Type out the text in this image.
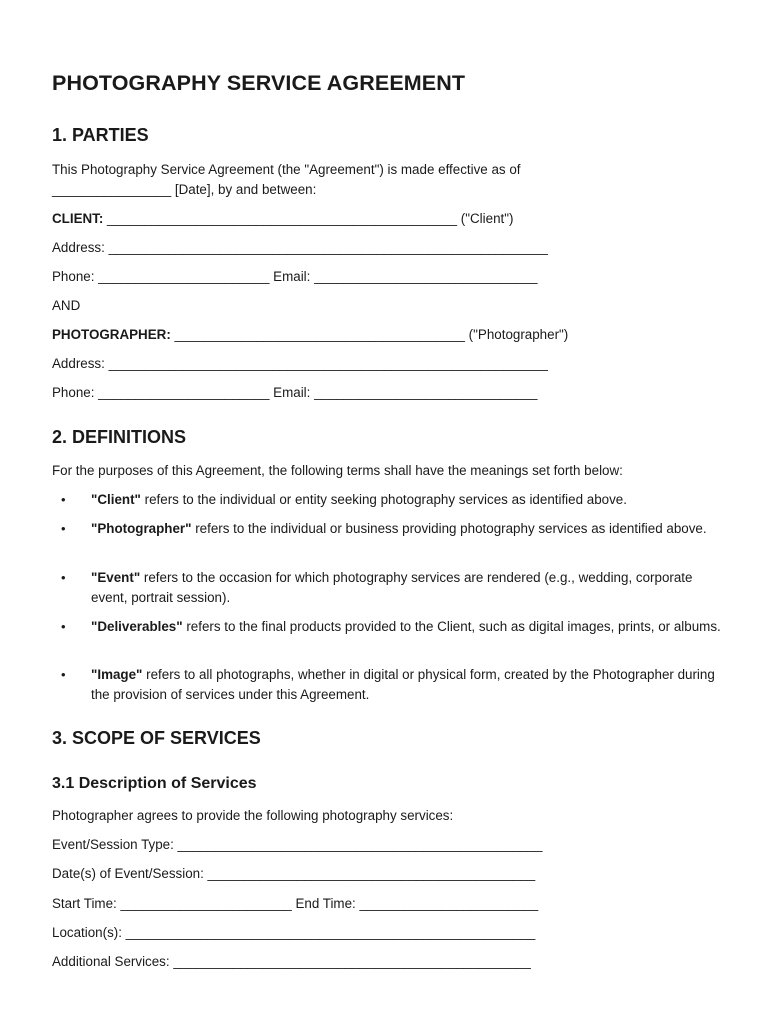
PHOTOGRAPHY SERVICE AGREEMENT
1. PARTIES
This Photography Service Agreement (the "Agreement") is made effective as of
________________ [Date], by and between:
CLIENT: _______________________________________________ ("Client")
Address: ___________________________________________________________
Phone: _______________________ Email: ______________________________
AND
PHOTOGRAPHER: _______________________________________ ("Photographer")
Address: ___________________________________________________________
Phone: _______________________ Email: ______________________________
2. DEFINITIONS
For the purposes of this Agreement, the following terms shall have the meanings set forth below:
• "Client" refers to the individual or entity seeking photography services as identified above.
• "Photographer" refers to the individual or business providing photography services as identified above.
• "Event" refers to the occasion for which photography services are rendered (e.g., wedding, corporate event, portrait session).
• "Deliverables" refers to the final products provided to the Client, such as digital images, prints, or albums.
• "Image" refers to all photographs, whether in digital or physical form, created by the Photographer during the provision of services under this Agreement.
3. SCOPE OF SERVICES
3.1 Description of Services
Photographer agrees to provide the following photography services:
Event/Session Type: _________________________________________________
Date(s) of Event/Session: ____________________________________________
Start Time: _______________________ End Time: ________________________
Location(s): _______________________________________________________
Additional Services: ________________________________________________
